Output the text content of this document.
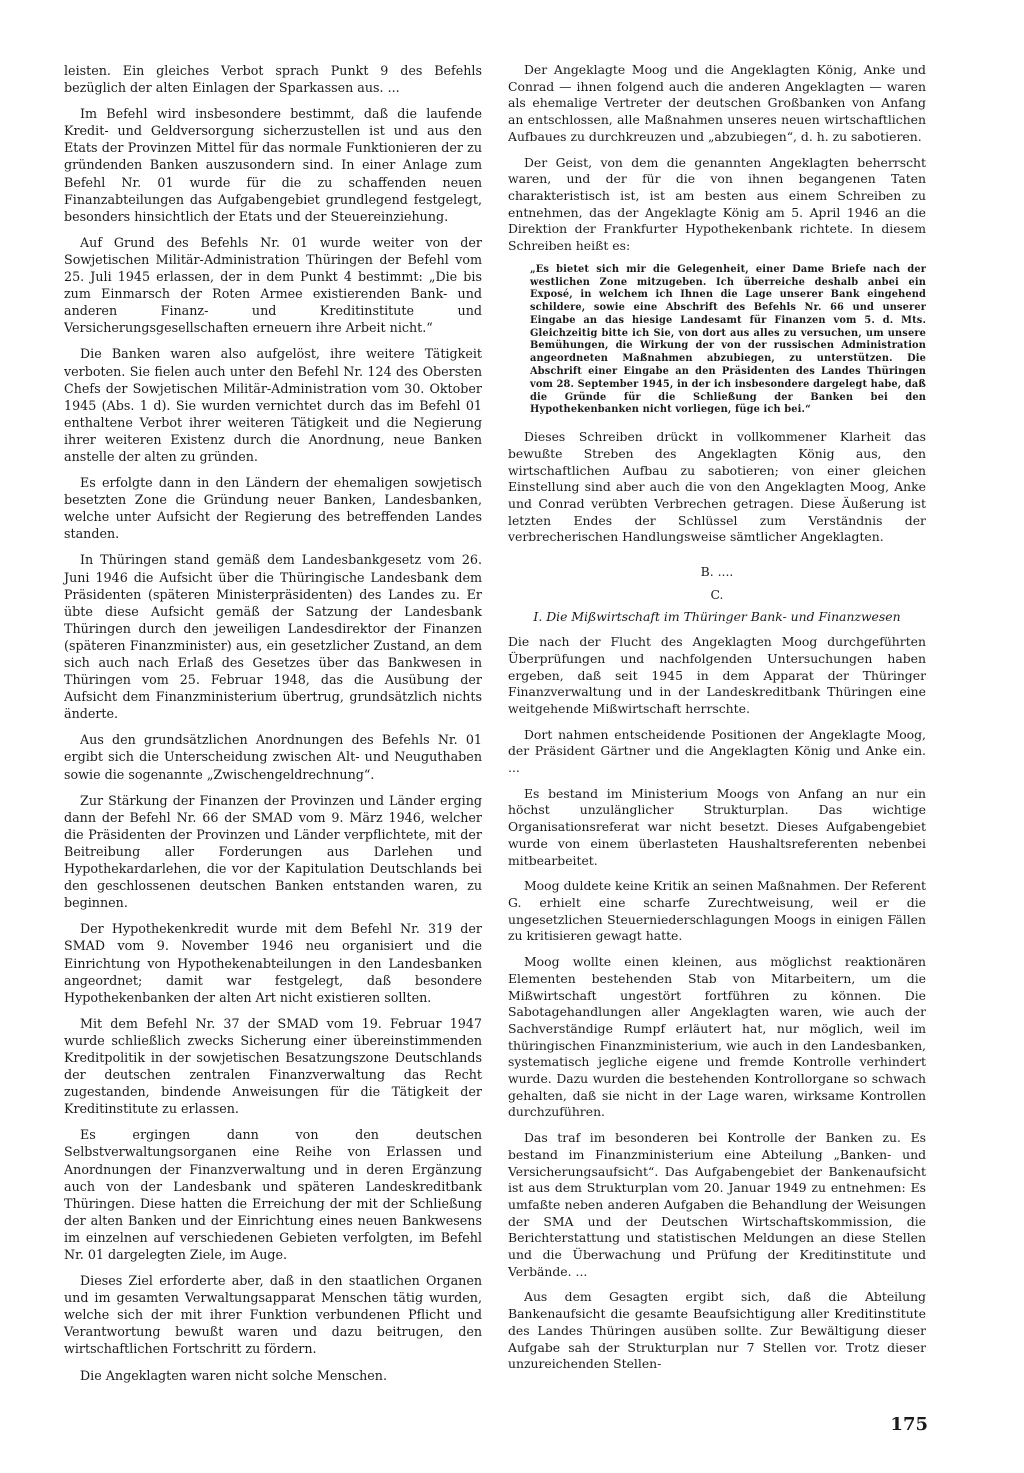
leisten. Ein gleiches Verbot sprach Punkt 9 des Befehls bezüglich der alten Einlagen der Sparkassen aus. ...

Im Befehl wird insbesondere bestimmt, daß die laufende Kredit- und Geldversorgung sicherzustellen ist und aus den Etats der Provinzen Mittel für das normale Funktionieren der zu gründenden Banken auszusondern sind. In einer Anlage zum Befehl Nr. 01 wurde für die zu schaffenden neuen Finanzabteilungen das Aufgabengebiet grundlegend festgelegt, besonders hinsichtlich der Etats und der Steuereinziehung.

Auf Grund des Befehls Nr. 01 wurde weiter von der Sowjetischen Militär-Administration Thüringen der Befehl vom 25. Juli 1945 erlassen, der in dem Punkt 4 bestimmt: „Die bis zum Einmarsch der Roten Armee existierenden Bank- und anderen Finanz- und Kreditinstitute und Versicherungsgesellschaften erneuern ihre Arbeit nicht.“

Die Banken waren also aufgelöst, ihre weitere Tätigkeit verboten. Sie fielen auch unter den Befehl Nr. 124 des Obersten Chefs der Sowjetischen Militär-Administration vom 30. Oktober 1945 (Abs. 1 d). Sie wurden vernichtet durch das im Befehl 01 enthaltene Verbot ihrer weiteren Tätigkeit und die Negierung ihrer weiteren Existenz durch die Anordnung, neue Banken anstelle der alten zu gründen.

Es erfolgte dann in den Ländern der ehemaligen sowjetisch besetzten Zone die Gründung neuer Banken, Landesbanken, welche unter Aufsicht der Regierung des betreffenden Landes standen.

In Thüringen stand gemäß dem Landesbankgesetz vom 26. Juni 1946 die Aufsicht über die Thüringische Landesbank dem Präsidenten (späteren Ministerpräsidenten) des Landes zu. Er übte diese Aufsicht gemäß der Satzung der Landesbank Thüringen durch den jeweiligen Landesdirektor der Finanzen (späteren Finanzminister) aus, ein gesetzlicher Zustand, an dem sich auch nach Erlaß des Gesetzes über das Bankwesen in Thüringen vom 25. Februar 1948, das die Ausübung der Aufsicht dem Finanzministerium übertrug, grundsätzlich nichts änderte.

Aus den grundsätzlichen Anordnungen des Befehls Nr. 01 ergibt sich die Unterscheidung zwischen Alt- und Neuguthaben sowie die sogenannte „Zwischengeldrechnung“.

Zur Stärkung der Finanzen der Provinzen und Länder erging dann der Befehl Nr. 66 der SMAD vom 9. März 1946, welcher die Präsidenten der Provinzen und Länder verpflichtete, mit der Beitreibung aller Forderungen aus Darlehen und Hypothekardarlehen, die vor der Kapitulation Deutschlands bei den geschlossenen deutschen Banken entstanden waren, zu beginnen.

Der Hypothekenkredit wurde mit dem Befehl Nr. 319 der SMAD vom 9. November 1946 neu organisiert und die Einrichtung von Hypothekenabteilungen in den Landesbanken angeordnet; damit war festgelegt, daß besondere Hypothekenbanken der alten Art nicht existieren sollten.

Mit dem Befehl Nr. 37 der SMAD vom 19. Februar 1947 wurde schließlich zwecks Sicherung einer übereinstimmenden Kreditpolitik in der sowjetischen Besatzungszone Deutschlands der deutschen zentralen Finanzverwaltung das Recht zugestanden, bindende Anweisungen für die Tätigkeit der Kreditinstitute zu erlassen.

Es ergingen dann von den deutschen Selbstverwaltungsorganen eine Reihe von Erlassen und Anordnungen der Finanzverwaltung und in deren Ergänzung auch von der Landesbank und späteren Landeskreditbank Thüringen. Diese hatten die Erreichung der mit der Schließung der alten Banken und der Einrichtung eines neuen Bankwesens im einzelnen auf verschiedenen Gebieten verfolgten, im Befehl Nr. 01 dargelegten Ziele, im Auge.

Dieses Ziel erforderte aber, daß in den staatlichen Organen und im gesamten Verwaltungsapparat Menschen tätig wurden, welche sich der mit ihrer Funktion verbundenen Pflicht und Verantwortung bewußt waren und dazu beitrugen, den wirtschaftlichen Fortschritt zu fördern.

Die Angeklagten waren nicht solche Menschen.

Der Angeklagte Moog und die Angeklagten König, Anke und Conrad — ihnen folgend auch die anderen Angeklagten — waren als ehemalige Vertreter der deutschen Großbanken von Anfang an entschlossen, alle Maßnahmen unseres neuen wirtschaftlichen Aufbaues zu durchkreuzen und „abzubiegen“, d. h. zu sabotieren.

Der Geist, von dem die genannten Angeklagten beherrscht waren, und der für die von ihnen begangenen Taten charakteristisch ist, ist am besten aus einem Schreiben zu entnehmen, das der Angeklagte König am 5. April 1946 an die Direktion der Frankfurter Hypothekenbank richtete. In diesem Schreiben heißt es:

„Es bietet sich mir die Gelegenheit, einer Dame Briefe nach der westlichen Zone mitzugeben. Ich überreiche deshalb anbei ein Exposé, in welchem ich Ihnen die Lage unserer Bank eingehend schildere, sowie eine Abschrift des Befehls Nr. 66 und unserer Eingabe an das hiesige Landesamt für Finanzen vom 5. d. Mts. Gleichzeitig bitte ich Sie, von dort aus alles zu versuchen, um unsere Bemühungen, die Wirkung der von der russischen Administration angeordneten Maßnahmen abzubiegen, zu unterstützen. Die Abschrift einer Eingabe an den Präsidenten des Landes Thüringen vom 28. September 1945, in der ich insbesondere dargelegt habe, daß die Gründe für die Schließung der Banken bei den Hypothekenbanken nicht vorliegen, füge ich bei.“

Dieses Schreiben drückt in vollkommener Klarheit das bewußte Streben des Angeklagten König aus, den wirtschaftlichen Aufbau zu sabotieren; von einer gleichen Einstellung sind aber auch die von den Angeklagten Moog, Anke und Conrad verübten Verbrechen getragen. Diese Äußerung ist letzten Endes der Schlüssel zum Verständnis der verbrecherischen Handlungsweise sämtlicher Angeklagten.

B. ....
C.
I. Die Mißwirtschaft im Thüringer Bank- und Finanzwesen

Die nach der Flucht des Angeklagten Moog durchgeführten Überprüfungen und nachfolgenden Untersuchungen haben ergeben, daß seit 1945 in dem Apparat der Thüringer Finanzverwaltung und in der Landeskreditbank Thüringen eine weitgehende Mißwirtschaft herrschte.

Dort nahmen entscheidende Positionen der Angeklagte Moog, der Präsident Gärtner und die Angeklagten König und Anke ein. ...

Es bestand im Ministerium Moogs von Anfang an nur ein höchst unzulänglicher Strukturplan. Das wichtige Organisationsreferat war nicht besetzt. Dieses Aufgabengebiet wurde von einem überlasteten Haushaltsreferenten nebenbei mitbearbeitet.

Moog duldete keine Kritik an seinen Maßnahmen. Der Referent G. erhielt eine scharfe Zurechtweisung, weil er die ungesetzlichen Steuerniederschlagungen Moogs in einigen Fällen zu kritisieren gewagt hatte.

Moog wollte einen kleinen, aus möglichst reaktionären Elementen bestehenden Stab von Mitarbeitern, um die Mißwirtschaft ungestört fortführen zu können. Die Sabotagehandlungen aller Angeklagten waren, wie auch der Sachverständige Rumpf erläutert hat, nur möglich, weil im thüringischen Finanzministerium, wie auch in den Landesbanken, systematisch jegliche eigene und fremde Kontrolle verhindert wurde. Dazu wurden die bestehenden Kontrollorgane so schwach gehalten, daß sie nicht in der Lage waren, wirksame Kontrollen durchzuführen.

Das traf im besonderen bei Kontrolle der Banken zu. Es bestand im Finanzministerium eine Abteilung „Banken- und Versicherungsaufsicht“. Das Aufgabengebiet der Bankenaufsicht ist aus dem Strukturplan vom 20. Januar 1949 zu entnehmen: Es umfaßte neben anderen Aufgaben die Behandlung der Weisungen der SMA und der Deutschen Wirtschaftskommission, die Berichterstattung und statistischen Meldungen an diese Stellen und die Überwachung und Prüfung der Kreditinstitute und Verbände. ...

Aus dem Gesagten ergibt sich, daß die Abteilung Bankenaufsicht die gesamte Beaufsichtigung aller Kreditinstitute des Landes Thüringen ausüben sollte. Zur Bewältigung dieser Aufgabe sah der Strukturplan nur 7 Stellen vor. Trotz dieser unzureichenden Stellen-

175
